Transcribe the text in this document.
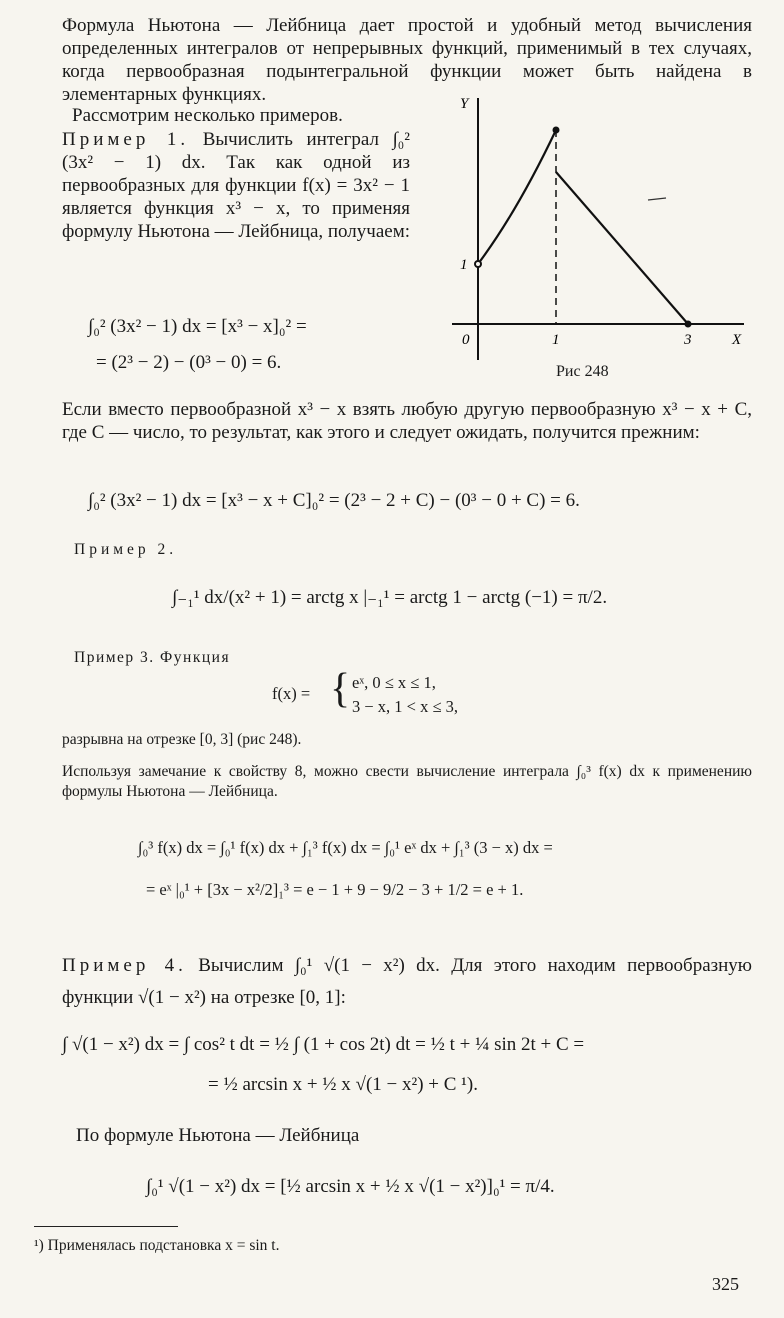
Формула Ньютона — Лейбница дает простой и удобный метод вычисления определенных интегралов от непрерывных функций, применимый в тех случаях, когда первообразная подынтегральной функции может быть найдена в элементарных функциях.
Рассмотрим несколько примеров.
Пример 1. Вычислить интеграл ∫₀² (3x² − 1) dx. Так как одной из первообразных для функции f(x) = 3x² − 1 является функция x³ − x, то применяя формулу Ньютона — Лейбница, получаем:
∫₀² (3x² − 1) dx = [x³ − x]₀² =
= (2³ − 2) − (0³ − 0) = 6.
Y
1
0	1	3	X
Рис 248
Если вместо первообразной x³ − x взять любую другую первообразную x³ − x + C, где C — число, то результат, как этого и следует ожидать, получится прежним:
∫₀² (3x² − 1) dx = [x³ − x + C]₀² = (2³ − 2 + C) − (0³ − 0 + C) = 6.
Пример 2.
∫₋₁¹ dx/(x² + 1) = arctg x |₋₁¹ = arctg 1 − arctg (−1) = π/2.
Пример 3. Функция
f(x) = { eˣ, 0 ≤ x ≤ 1,
3 − x, 1 < x ≤ 3,
разрывна на отрезке [0, 3] (рис 248).
Используя замечание к свойству 8, можно свести вычисление интеграла ∫₀³ f(x) dx к применению формулы Ньютона — Лейбница.
∫₀³ f(x) dx = ∫₀¹ f(x) dx + ∫₁³ f(x) dx = ∫₀¹ eˣ dx + ∫₁³ (3 − x) dx =
= eˣ |₀¹ + [3x − x²/2]₁³ = e − 1 + 9 − 9/2 − 3 + 1/2 = e + 1.
Пример 4. Вычислим ∫₀¹ √(1 − x²) dx. Для этого находим первообразную функции √(1 − x²) на отрезке [0, 1]:
∫ √(1 − x²) dx = ∫ cos² t dt = ½ ∫ (1 + cos 2t) dt = ½ t + ¼ sin 2t + C =
= ½ arcsin x + ½ x √(1 − x²) + C ¹).
По формуле Ньютона — Лейбница
∫₀¹ √(1 − x²) dx = [½ arcsin x + ½ x √(1 − x²)]₀¹ = π/4.
¹) Применялась подстановка x = sin t.
325
